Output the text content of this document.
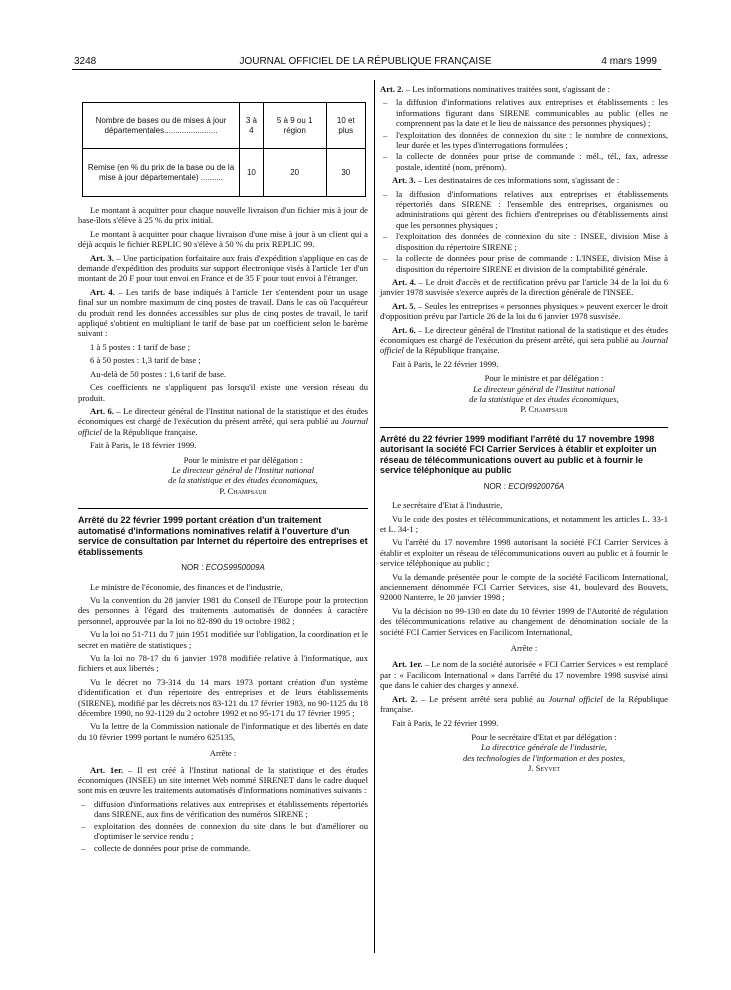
3248	JOURNAL OFFICIEL DE LA RÉPUBLIQUE FRANÇAISE	4 mars 1999
Nombre de bases ou de mises à jour départementales........................	3 à 4	5 à 9 ou 1 région	10 et plus
Remise (en % du prix de la base ou de la mise à jour départementale) ..........	10	20	30

Le montant à acquitter pour chaque nouvelle livraison d'un fichier mis à jour de base-îlots s'élève à 25 % du prix initial.

Le montant à acquitter pour chaque livraison d'une mise à jour à un client qui a déjà acquis le fichier REPLIC 90 s'élève à 50 % du prix REPLIC 99.

Art. 3. – Une participation forfaitaire aux frais d'expédition s'applique en cas de demande d'expédition des produits sur support électronique visés à l'article 1er d'un montant de 20 F pour tout envoi en France et de 35 F pour tout envoi à l'étranger.

Art. 4. – Les tarifs de base indiqués à l'article 1er s'entendent pour un usage final sur un nombre maximum de cinq postes de travail. Dans le cas où l'acquéreur du produit rend les données accessibles sur plus de cinq postes de travail, le tarif appliqué s'obtient en multipliant le tarif de base par un coefficient selon le barème suivant :

1 à 5 postes : 1 tarif de base ;

6 à 50 postes : 1,3 tarif de base ;

Au-delà de 50 postes : 1,6 tarif de base.

Ces coefficients ne s'appliquent pas lorsqu'il existe une version réseau du produit.

Art. 6. – Le directeur général de l'Institut national de la statistique et des études économiques est chargé de l'exécution du présent arrêté, qui sera publié au Journal officiel de la République française.

Fait à Paris, le 18 février 1999.

Pour le ministre et par délégation :
Le directeur général de l'Institut national
de la statistique et des études économiques,
P. Champsaur
Arrêté du 22 février 1999 portant création d'un traitement automatisé d'informations nominatives relatif à l'ouverture d'un service de consultation par Internet du répertoire des entreprises et établissements
NOR : ECOS9950009A

Le ministre de l'économie, des finances et de l'industrie,

Vu la convention du 28 janvier 1981 du Conseil de l'Europe pour la protection des personnes à l'égard des traitements automatisés de données à caractère personnel, approuvée par la loi no 82-890 du 19 octobre 1982 ;

Vu la loi no 51-711 du 7 juin 1951 modifiée sur l'obligation, la coordination et le secret en matière de statistiques ;

Vu la loi no 78-17 du 6 janvier 1978 modifiée relative à l'informatique, aux fichiers et aux libertés ;

Vu le décret no 73-314 du 14 mars 1973 portant création d'un système d'identification et d'un répertoire des entreprises et de leurs établissements (SIRENE), modifié par les décrets nos 83-121 du 17 février 1983, no 90-1125 du 18 décembre 1990, no 92-1129 du 2 octobre 1992 et no 95-171 du 17 février 1995 ;

Vu la lettre de la Commission nationale de l'informatique et des libertés en date du 10 février 1999 portant le numéro 625135,

Arrête :

Art. 1er. – Il est créé à l'Institut national de la statistique et des études économiques (INSEE) un site internet Web nommé SIRENET dans le cadre duquel sont mis en œuvre les traitements automatisés d'informations nominatives suivants :

– diffusion d'informations relatives aux entreprises et établissements répertoriés dans SIRENE, aux fins de vérification des numéros SIRENE ;
– exploitation des données de connexion du site dans le but d'améliorer ou d'optimiser le service rendu ;
– collecte de données pour prise de commande.

Art. 2. – Les informations nominatives traitées sont, s'agissant de :

– la diffusion d'informations relatives aux entreprises et établissements : les informations figurant dans SIRENE communicables au public (elles ne comprennent pas la date et le lieu de naissance des personnes physiques) ;
– l'exploitation des données de connexion du site : le nombre de connexions, leur durée et les types d'interrogations formulées ;
– la collecte de données pour prise de commande : mél., tél., fax, adresse postale, identité (nom, prénom).

Art. 3. – Les destinataires de ces informations sont, s'agissant de :

– la diffusion d'informations relatives aux entreprises et établissements répertoriés dans SIRENE : l'ensemble des entreprises, organismes ou administrations qui gèrent des fichiers d'entreprises ou d'établissements ainsi que les personnes physiques ;
– l'exploitation des données de connexion du site : INSEE, division Mise à disposition du répertoire SIRENE ;
– la collecte de données pour prise de commande : L'INSEE, division Mise à disposition du répertoire SIRENE et division de la comptabilité générale.

Art. 4. – Le droit d'accès et de rectification prévu par l'article 34 de la loi du 6 janvier 1978 susvisée s'exerce auprès de la direction générale de l'INSEE.

Art. 5. – Seules les entreprises « personnes physiques » peuvent exercer le droit d'opposition prévu par l'article 26 de la loi du 6 janvier 1978 susvisée.

Art. 6. – Le directeur général de l'Institut national de la statistique et des études économiques est chargé de l'exécution du présent arrêté, qui sera publié au Journal officiel de la République française.

Fait à Paris, le 22 février 1999.

Pour le ministre et par délégation :
Le directeur général de l'Institut national
de la statistique et des études économiques,
P. Champsaur
Arrêté du 22 février 1999 modifiant l'arrêté du 17 novembre 1998 autorisant la société FCI Carrier Services à établir et exploiter un réseau de télécommunications ouvert au public et à fournir le service téléphonique au public
NOR : ECOI9920076A

Le secrétaire d'Etat à l'industrie,

Vu le code des postes et télécommunications, et notamment les articles L. 33-1 et L. 34-1 ;

Vu l'arrêté du 17 novembre 1998 autorisant la société FCI Carrier Services à établir et exploiter un réseau de télécommunications ouvert au public et à fournir le service téléphonique au public ;

Vu la demande présentée pour le compte de la société Facilicom International, anciennement dénommée FCI Carrier Services, sise 41, boulevard des Bouvets, 92000 Nanterre, le 20 janvier 1998 ;

Vu la décision no 99-130 en date du 10 février 1999 de l'Autorité de régulation des télécommunications relative au changement de dénomination sociale de la société FCI Carrier Services en Facilicom International,

Arrête :

Art. 1er. – Le nom de la société autorisée « FCI Carrier Services » est remplacé par : « Facilicom International » dans l'arrêté du 17 novembre 1998 susvisé ainsi que dans le cahier des charges y annexé.

Art. 2. – Le présent arrêté sera publié au Journal officiel de la République française.

Fait à Paris, le 22 février 1999.

Pour le secrétaire d'Etat et par délégation :
La directrice générale de l'industrie,
des technologies de l'information et des postes,
J. Seyvet
